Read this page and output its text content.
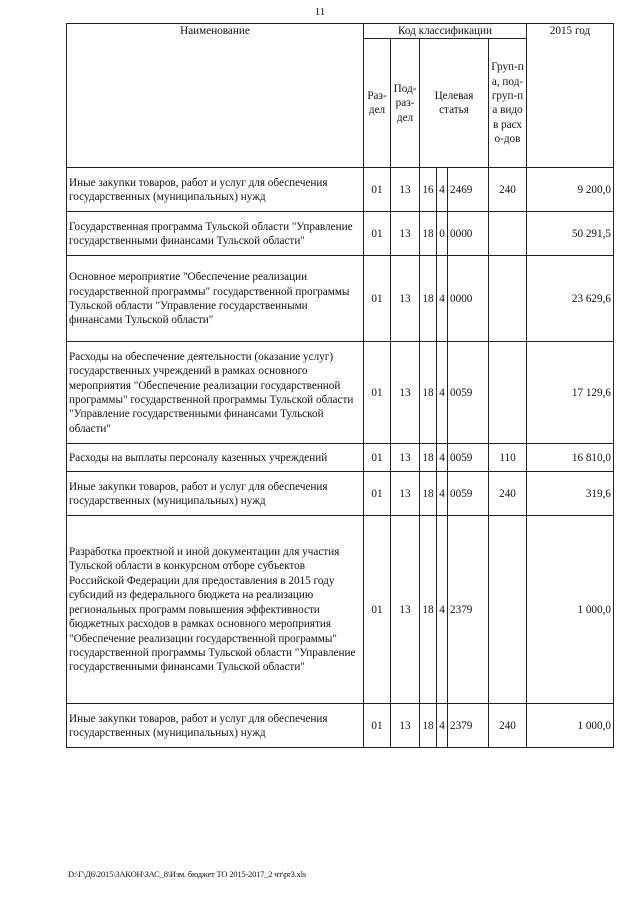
11
Наименование	Код классификации						2015 год
	Раз-дел	Под-раз-дел	Целевая статья			Груп-па, под-груп-па видов расхо-дов	
Иные закупки товаров, работ и услуг для обеспечения государственных (муниципальных) нужд	01	13	16	4	2469	240	9 200,0
Государственная программа Тульской области "Управление государственными финансами Тульской области"	01	13	18	0	0000		50 291,5
Основное мероприятие "Обеспечение реализации государственной программы" государственной программы Тульской области "Управление государственными финансами Тульской области"	01	13	18	4	0000		23 629,6
Расходы на обеспечение деятельности (оказание услуг) государственных учреждений в рамках основного мероприятия "Обеспечение реализации государственной программы" государственной программы Тульской области "Управление государственными финансами Тульской области"	01	13	18	4	0059		17 129,6
Расходы на выплаты персоналу казенных учреждений	01	13	18	4	0059	110	16 810,0
Иные закупки товаров, работ и услуг для обеспечения государственных (муниципальных) нужд	01	13	18	4	0059	240	319,6
Разработка проектной и иной документации для участия Тульской области в конкурсном отборе субъектов Российской Федерации для предоставления в 2015 году субсидий из федерального бюджета на реализацию региональных программ повышения эффективности бюджетных расходов в рамках основного мероприятия "Обеспечение реализации государственной программы" государственной программы Тульской области "Управление государственными финансами Тульской области"	01	13	18	4	2379		1 000,0
Иные закупки товаров, работ и услуг для обеспечения государственных (муниципальных) нужд	01	13	18	4	2379	240	1 000,0
D:\Г\Д6\2015\ЗАКОН\ЗАС_8\Изм. бюджет ТО 2015-2017_2 чт\pr3.xls
